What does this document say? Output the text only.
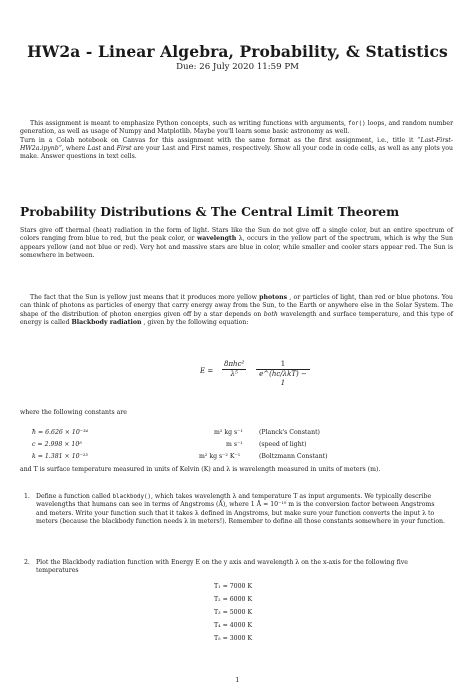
HW2a - Linear Algebra, Probability, & Statistics
Due: 26 July 2020 11:59 PM
This assignment is meant to emphasize Python concepts, such as writing functions with arguments, for() loops, and random number generation, as well as usage of Numpy and Matplotlib. Maybe you'll learn some basic astronomy as well.
Turn in a Colab notebook on Canvas for this assignment with the same format as the first assignment, i.e., title it “Last-First-HW2a.ipynb”, where Last and First are your Last and First names, respectively. Show all your code in code cells, as well as any plots you make. Answer questions in text cells.
Probability Distributions & The Central Limit Theorem
Stars give off thermal (heat) radiation in the form of light. Stars like the Sun do not give off a single color, but an entire spectrum of colors ranging from blue to red, but the peak color, or wavelength λ, occurs in the yellow part of the spectrum, which is why the Sun appears yellow (and not blue or red). Very hot and massive stars are blue in color, while smaller and cooler stars appear red. The Sun is somewhere in between.
The fact that the Sun is yellow just means that it produces more yellow photons , or particles of light, than red or blue photons. You can think of photons as particles of energy that carry energy away from the Sun, to the Earth or anywhere else in the Solar System. The shape of the distribution of photon energies given off by a star depends on both wavelength and surface temperature, and this type of energy is called Blackbody radiation , given by the following equation:
E =
8πhc²
λ⁵
1
e^(hc/λkT) − 1
where the following constants are
ħ = 6.626 × 10⁻³⁴	m² kg s⁻¹	(Planck's Constant)
c = 2.998 × 10⁸	m s⁻¹	(speed of light)
k = 1.381 × 10⁻²³	m² kg s⁻² K⁻¹	(Boltzmann Constant)
and T is surface temperature measured in units of Kelvin (K) and λ is wavelength measured in units of meters (m).
1. Define a function called blackbody(), which takes wavelength λ and temperature T as input arguments. We typically describe wavelengths that humans can see in terms of Angstroms (Å), where 1 Å = 10⁻¹⁰ m is the conversion factor between Angstroms and meters. Write your function such that it takes λ defined in Angstroms, but make sure your function converts the input λ to meters (because the blackbody function needs λ in meters!). Remember to define all those constants somewhere in your function.
2. Plot the Blackbody radiation function with Energy E on the y axis and wavelength λ on the x-axis for the following five temperatures
T₁ = 7000 K
T₂ = 6000 K
T₃ = 5000 K
T₄ = 4000 K
T₅ = 3000 K
1
